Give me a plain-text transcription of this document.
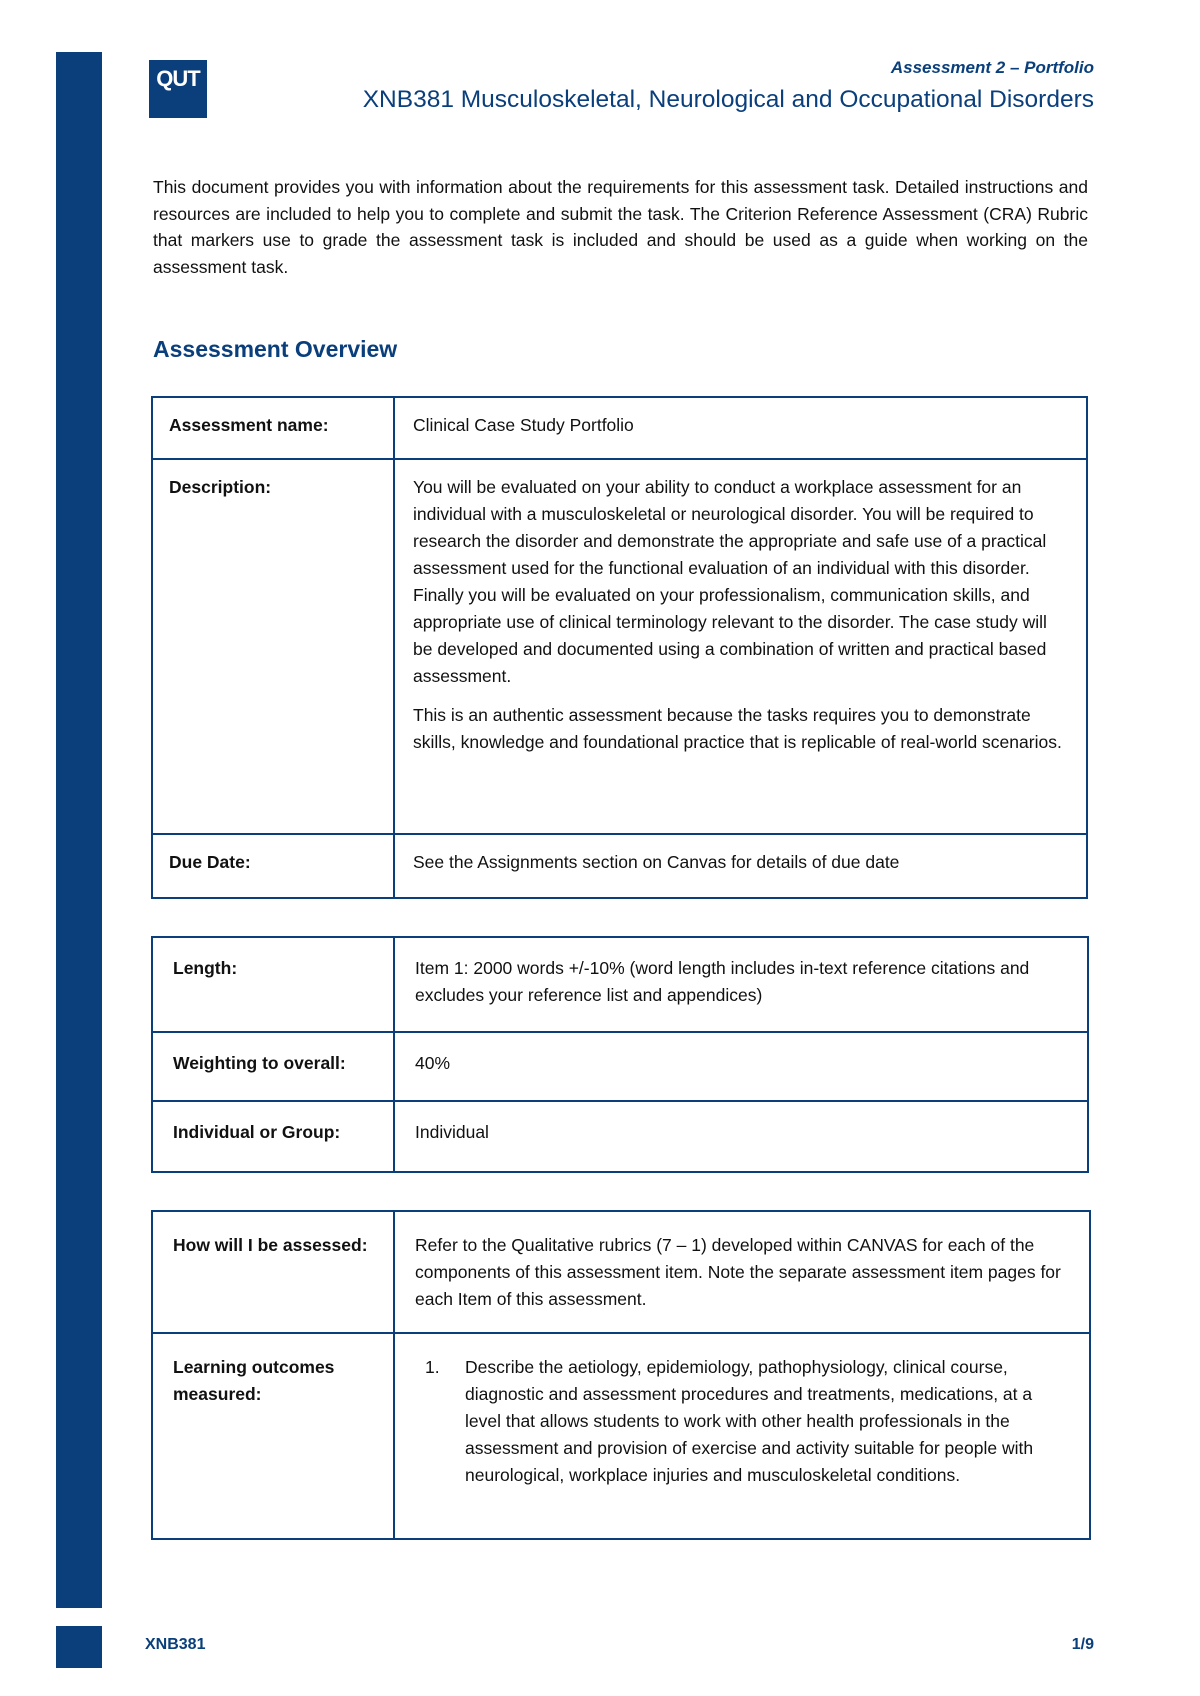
QUT	Assessment 2 – Portfolio
XNB381 Musculoskeletal, Neurological and Occupational Disorders

This document provides you with information about the requirements for this assessment task. Detailed instructions and resources are included to help you to complete and submit the task. The Criterion Reference Assessment (CRA) Rubric that markers use to grade the assessment task is included and should be used as a guide when working on the assessment task.

Assessment Overview
Assessment name:	Clinical Case Study Portfolio
Description:	You will be evaluated on your ability to conduct a workplace assessment for an individual with a musculoskeletal or neurological disorder. You will be required to research the disorder and demonstrate the appropriate and safe use of a practical assessment used for the functional evaluation of an individual with this disorder. Finally you will be evaluated on your professionalism, communication skills, and appropriate use of clinical terminology relevant to the disorder. The case study will be developed and documented using a combination of written and practical based assessment.

This is an authentic assessment because the tasks requires you to demonstrate skills, knowledge and foundational practice that is replicable of real-world scenarios.

Due Date:	See the Assignments section on Canvas for details of due date
Length:	Item 1: 2000 words +/-10% (word length includes in-text reference citations and excludes your reference list and appendices)
Weighting to overall:	40%
Individual or Group:	Individual
How will I be assessed:	Refer to the Qualitative rubrics (7 – 1) developed within CANVAS for each of the components of this assessment item. Note the separate assessment item pages for each Item of this assessment.
Learning outcomes measured:
1.	Describe the aetiology, epidemiology, pathophysiology, clinical course, diagnostic and assessment procedures and treatments, medications, at a level that allows students to work with other health professionals in the assessment and provision of exercise and activity suitable for people with neurological, workplace injuries and musculoskeletal conditions.
XNB381	1/9
